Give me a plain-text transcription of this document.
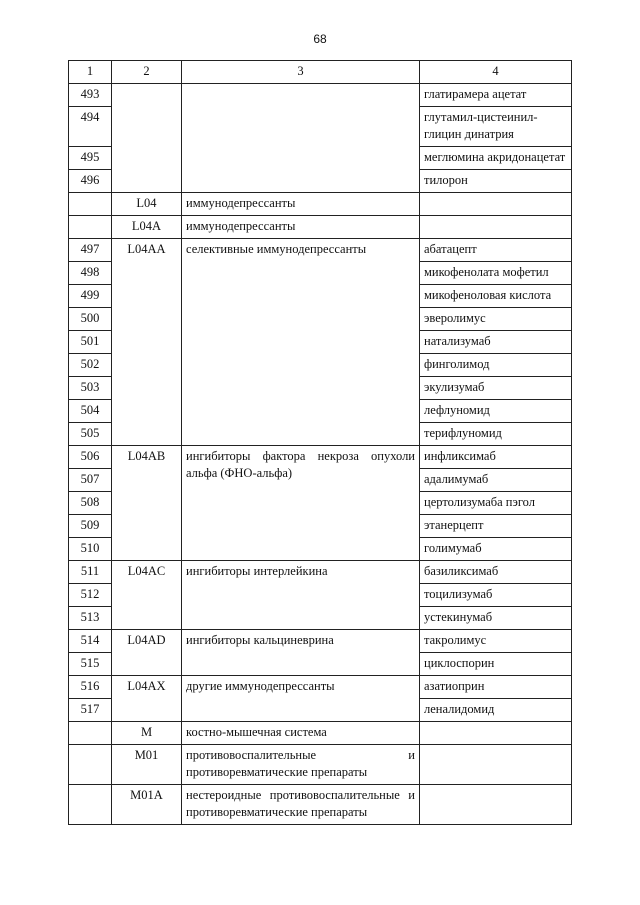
68
1	2	3	4
493			глатирамера ацетат
494			глутамил-цистеинил-глицин динатрия
495			меглюмина акридонацетат
496			тилорон
	L04	иммунодепрессанты	
	L04A	иммунодепрессанты	
497	L04AA	селективные иммунодепрессанты	абатацепт
498			микофенолата мофетил
499			микофеноловая кислота
500			эверолимус
501			натализумаб
502			финголимод
503			экулизумаб
504			лефлуномид
505			терифлуномид
506	L04AB	ингибиторы фактора некроза опухоли альфа (ФНО-альфа)	инфликсимаб
507			адалимумаб
508			цертолизумаба пэгол
509			этанерцепт
510			голимумаб
511	L04AC	ингибиторы интерлейкина	базиликсимаб
512			тоцилизумаб
513			устекинумаб
514	L04AD	ингибиторы кальциневрина	такролимус
515			циклоспорин
516	L04AX	другие иммунодепрессанты	азатиоприн
517			леналидомид
	M	костно-мышечная система	
	M01	противовоспалительные и противоревматические препараты	
	M01A	нестероидные противовоспалительные и противоревматические препараты	
